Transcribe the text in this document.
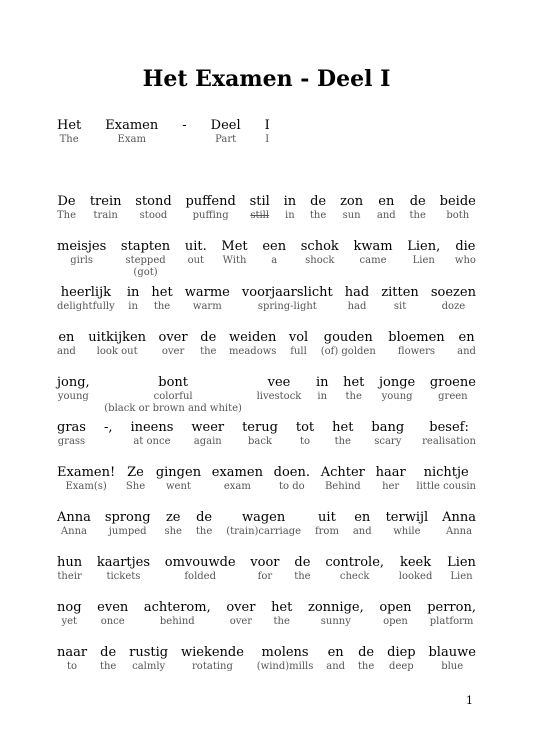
Het Examen - Deel I
Het
The
Examen
Exam
-
Deel
Part
I
I
De
The
trein
train
stond
stood
puffend
puffing
stil
still
in
in
de
the
zon
sun
en
and
de
the
beide
both
meisjes
girls
stapten
stepped
(got)
uit.
out
Met
With
een
a
schok
shock
kwam
came
Lien,
Lien
die
who
heerlijk
delightfully
in
in
het
the
warme
warm
voorjaarslicht
spring-light
had
had
zitten
sit
soezen
doze
en
and
uitkijken
look out
over
over
de
the
weiden
meadows
vol
full
gouden
(of) golden
bloemen
flowers
en
and
jong,
young
bont
colorful
(black or brown and white)
vee
livestock
in
in
het
the
jonge
young
groene
green
gras
grass
-,
ineens
at once
weer
again
terug
back
tot
to
het
the
bang
scary
besef:
realisation
Examen!
Exam(s)
Ze
She
gingen
went
examen
exam
doen.
to do
Achter
Behind
haar
her
nichtje
little cousin
Anna
Anna
sprong
jumped
ze
she
de
the
wagen
(train)carriage
uit
from
en
and
terwijl
while
Anna
Anna
hun
their
kaartjes
tickets
omvouwde
folded
voor
for
de
the
controle,
check
keek
looked
Lien
Lien
nog
yet
even
once
achterom,
behind
over
over
het
the
zonnige,
sunny
open
open
perron,
platform
naar
to
de
the
rustig
calmly
wiekende
rotating
molens
(wind)mills
en
and
de
the
diep
deep
blauwe
blue
1
